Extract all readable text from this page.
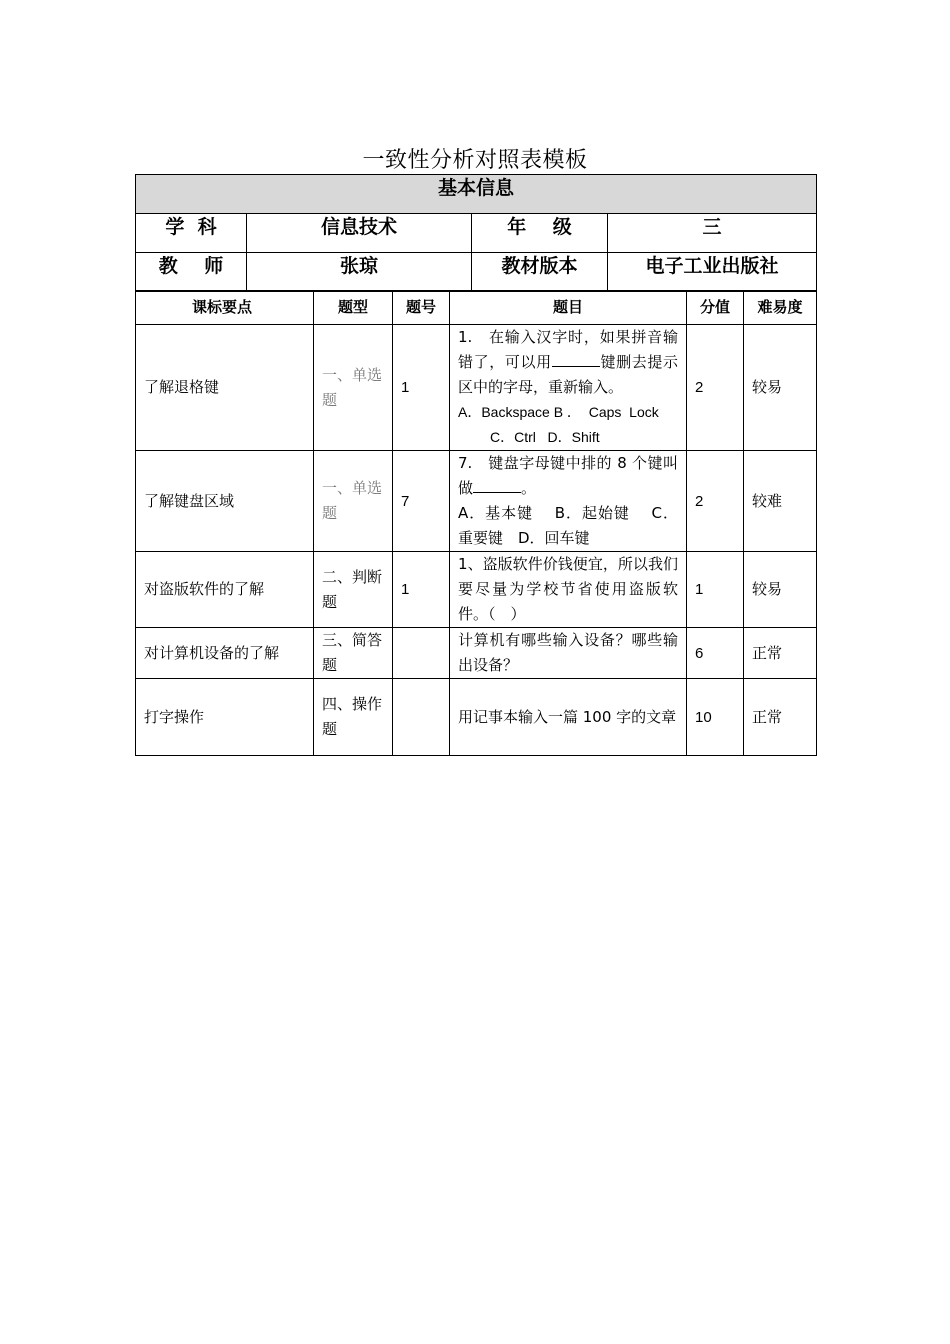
一致性分析对照表模板
基本信息			
学  科	信息技术	年    级	三
教    师	张琼	教材版本	电子工业出版社
课标要点	题型	题号	题目	分值	难易度
了解退格键	一、单选题	1	1.　在输入汉字时，如果拼音输错了，可以用 键删去提示区中的字母，重新输入。
A．Backspace B ．  Caps  Lock
C．Ctrl   D．Shift	2	较易
了解键盘区域	一、单选题	7	7.　键盘字母键中排的 8 个键叫做 。
A．基本键　 B．起始键　 C．重要键　D．回车键	2	较难
对盗版软件的了解	二、判断题	1	1、盗版软件价钱便宜，所以我们要尽量为学校节省使用盗版软件。（　）	1	较易
对计算机设备的了解	三、简答题		计算机有哪些输入设备？哪些输出设备？	6	正常
打字操作	四、操作题		用记事本输入一篇 100 字的文章	10	正常
